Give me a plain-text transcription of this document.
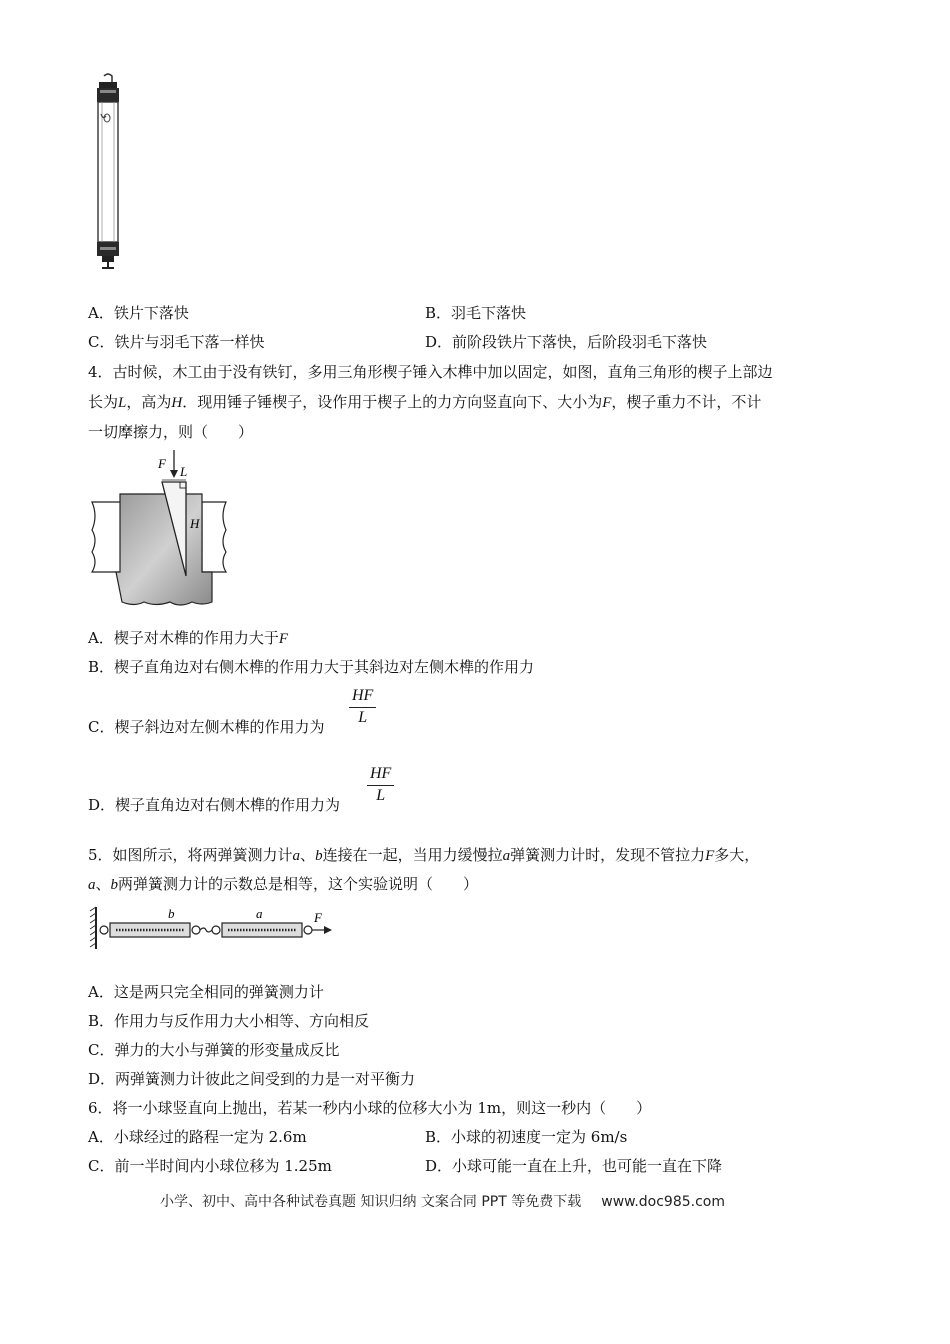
A．铁片下落快	B．羽毛下落快
C．铁片与羽毛下落一样快	D．前阶段铁片下落快，后阶段羽毛下落快
4．古时候，木工由于没有铁钉，多用三角形楔子锤入木榫中加以固定，如图，直角三角形的楔子上部边
长为L，高为H．现用锤子锤楔子，设作用于楔子上的力方向竖直向下、大小为F，楔子重力不计，不计
一切摩擦力，则（　　）
F
L
H
A．楔子对木榫的作用力大于F
B．楔子直角边对右侧木榫的作用力大于其斜边对左侧木榫的作用力
C．楔子斜边对左侧木榫的作用力为 $\frac{HF}{L}$
D．楔子直角边对右侧木榫的作用力为 $\frac{HF}{L}$
5．如图所示，将两弹簧测力计a、b连接在一起，当用力缓慢拉a弹簧测力计时，发现不管拉力F多大，
a、b两弹簧测力计的示数总是相等，这个实验说明（　　）
b	a	F
A．这是两只完全相同的弹簧测力计
B．作用力与反作用力大小相等、方向相反
C．弹力的大小与弹簧的形变量成反比
D．两弹簧测力计彼此之间受到的力是一对平衡力
6．将一小球竖直向上抛出，若某一秒内小球的位移大小为 1m，则这一秒内（　　）
A．小球经过的路程一定为 2.6m	B．小球的初速度一定为 6m/s
C．前一半时间内小球位移为 1.25m	D．小球可能一直在上升，也可能一直在下降
小学、初中、高中各种试卷真题 知识归纳 文案合同 PPT 等免费下载 www.doc985.com
